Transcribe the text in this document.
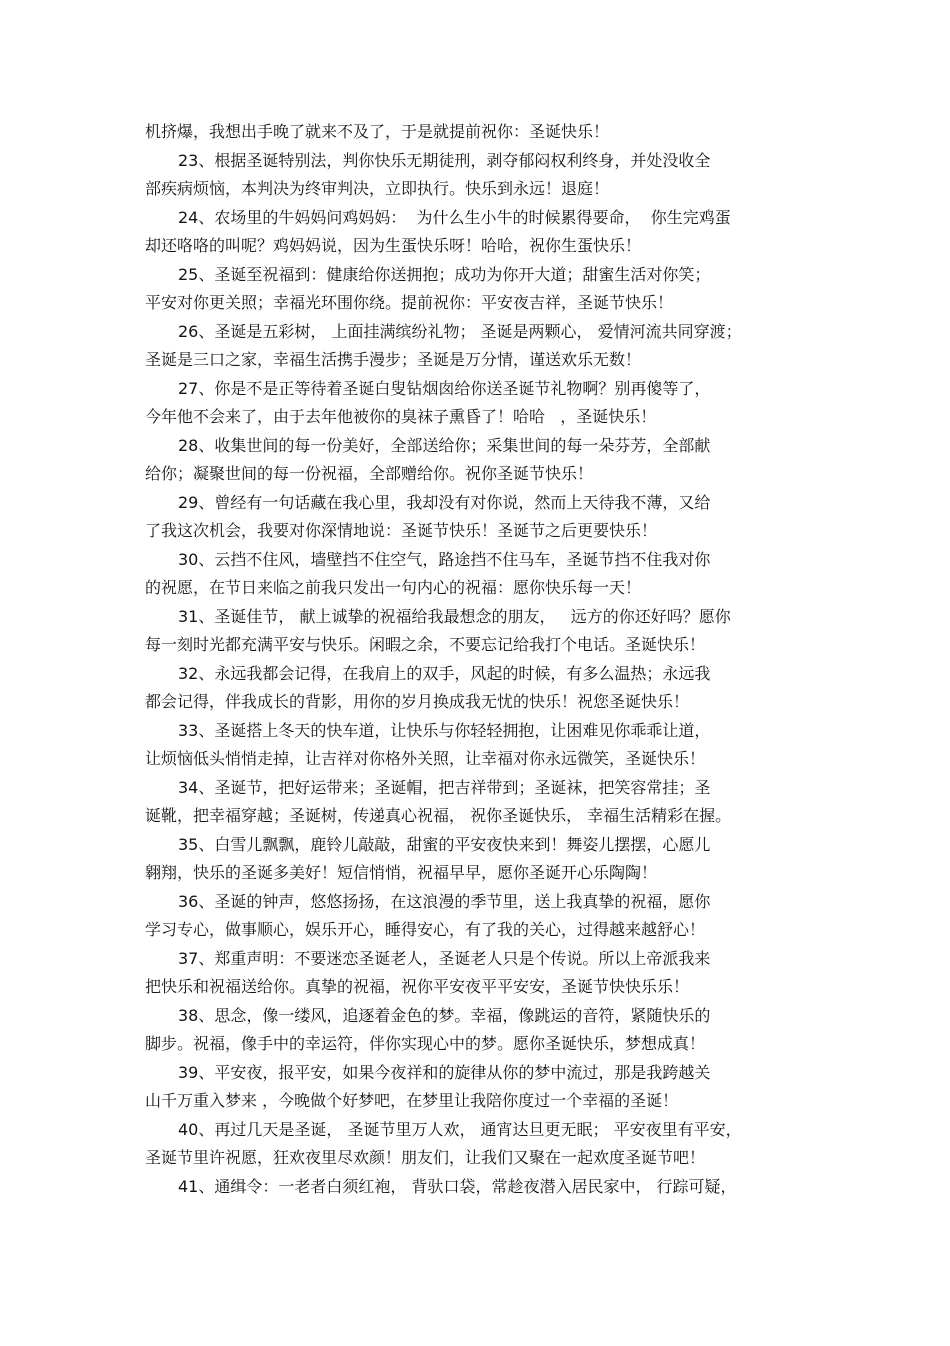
机挤爆，我想出手晚了就来不及了，于是就提前祝你：圣诞快乐！
23、根据圣诞特别法，判你快乐无期徒刑，剥夺郁闷权利终身，并处没收全
部疾病烦恼，本判决为终审判决，立即执行。快乐到永远！退庭！
24、农场里的牛妈妈问鸡妈妈：  为什么生小牛的时候累得要命，  你生完鸡蛋
却还咯咯的叫呢？鸡妈妈说，因为生蛋快乐呀！哈哈，祝你生蛋快乐！
25、圣诞至祝福到：健康给你送拥抱；成功为你开大道；甜蜜生活对你笑；
平安对你更关照；幸福光环围你绕。提前祝你：平安夜吉祥，圣诞节快乐！
26、圣诞是五彩树， 上面挂满缤纷礼物； 圣诞是两颗心， 爱情河流共同穿渡；
圣诞是三口之家，幸福生活携手漫步；圣诞是万分情，谨送欢乐无数！
27、你是不是正等待着圣诞白叟钻烟囱给你送圣诞节礼物啊？别再傻等了，
今年他不会来了，由于去年他被你的臭袜子熏昏了！哈哈   ，圣诞快乐！
28、收集世间的每一份美好，全部送给你；采集世间的每一朵芬芳，全部献
给你；凝聚世间的每一份祝福，全部赠给你。祝你圣诞节快乐！
29、曾经有一句话藏在我心里，我却没有对你说，然而上天待我不薄，又给
了我这次机会，我要对你深情地说：圣诞节快乐！圣诞节之后更要快乐！
30、云挡不住风，墙壁挡不住空气，路途挡不住马车，圣诞节挡不住我对你
的祝愿，在节日来临之前我只发出一句内心的祝福：愿你快乐每一天！
31、圣诞佳节， 献上诚挚的祝福给我最想念的朋友，   远方的你还好吗？愿你
每一刻时光都充满平安与快乐。闲暇之余，不要忘记给我打个电话。圣诞快乐！
32、永远我都会记得，在我肩上的双手，风起的时候，有多么温热；永远我
都会记得，伴我成长的背影，用你的岁月换成我无忧的快乐！祝您圣诞快乐！
33、圣诞搭上冬天的快车道，让快乐与你轻轻拥抱，让困难见你乖乖让道，
让烦恼低头悄悄走掉，让吉祥对你格外关照，让幸福对你永远微笑，圣诞快乐！
34、圣诞节，把好运带来；圣诞帽，把吉祥带到；圣诞袜，把笑容常挂；圣
诞靴，把幸福穿越；圣诞树，传递真心祝福， 祝你圣诞快乐， 幸福生活精彩在握。
35、白雪儿飘飘，鹿铃儿敲敲，甜蜜的平安夜快来到！舞姿儿摆摆，心愿儿
翱翔，快乐的圣诞多美好！短信悄悄，祝福早早，愿你圣诞开心乐陶陶！
36、圣诞的钟声，悠悠扬扬，在这浪漫的季节里，送上我真挚的祝福，愿你
学习专心，做事顺心，娱乐开心，睡得安心，有了我的关心，过得越来越舒心！
37、郑重声明：不要迷恋圣诞老人，圣诞老人只是个传说。所以上帝派我来
把快乐和祝福送给你。真挚的祝福，祝你平安夜平平安安，圣诞节快快乐乐！
38、思念，像一缕风，追逐着金色的梦。幸福，像跳运的音符，紧随快乐的
脚步。祝福，像手中的幸运符，伴你实现心中的梦。愿你圣诞快乐，梦想成真！
39、平安夜，报平安，如果今夜祥和的旋律从你的梦中流过，那是我跨越关
山千万重入梦来 ，今晚做个好梦吧，在梦里让我陪你度过一个幸福的圣诞！
40、再过几天是圣诞， 圣诞节里万人欢， 通宵达旦更无眠； 平安夜里有平安，
圣诞节里许祝愿，狂欢夜里尽欢颜！朋友们，让我们又聚在一起欢度圣诞节吧！
41、通缉令：一老者白须红袍， 背驮口袋，常趁夜潜入居民家中， 行踪可疑，
